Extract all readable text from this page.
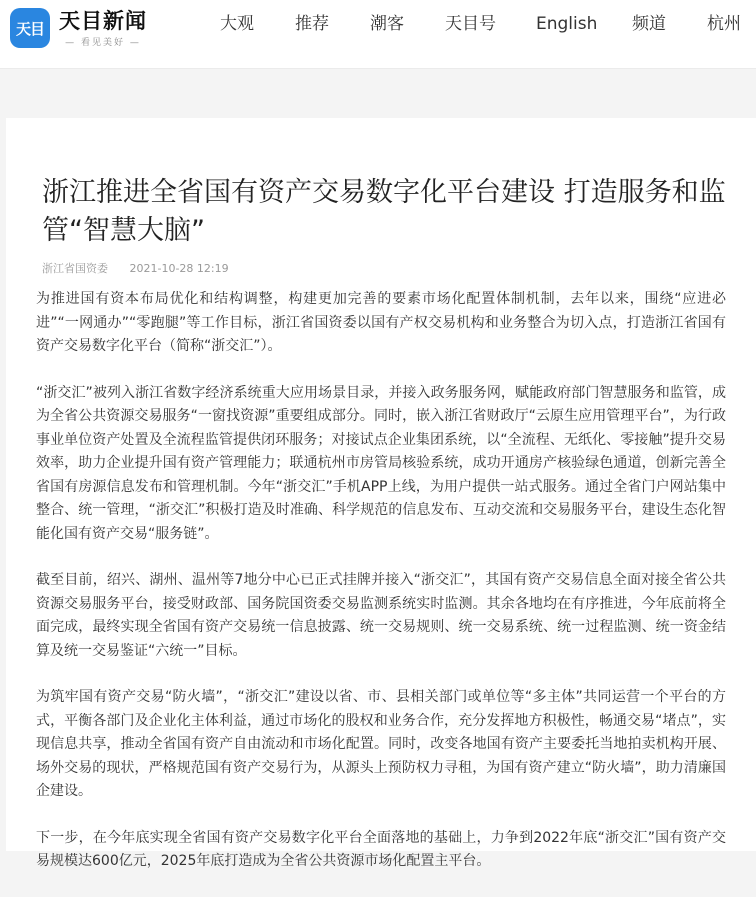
天目 天目新闻
— 看见美好 —
大观 推荐 潮客 天目号 English 频道 杭州
浙江推进全省国有资产交易数字化平台建设 打造服务和监管“智慧大脑”
浙江省国资委 2021-10-28 12:19

为推进国有资本布局优化和结构调整，构建更加完善的要素市场化配置体制机制，去年以来，围绕“应进必进”“一网通办”“零跑腿”等工作目标，浙江省国资委以国有产权交易机构和业务整合为切入点，打造浙江省国有资产交易数字化平台（简称“浙交汇”）。

“浙交汇”被列入浙江省数字经济系统重大应用场景目录，并接入政务服务网，赋能政府部门智慧服务和监管，成为全省公共资源交易服务“一窗找资源”重要组成部分。同时，嵌入浙江省财政厅“云原生应用管理平台”，为行政事业单位资产处置及全流程监管提供闭环服务；对接试点企业集团系统，以“全流程、无纸化、零接触”提升交易效率，助力企业提升国有资产管理能力；联通杭州市房管局核验系统，成功开通房产核验绿色通道，创新完善全省国有房源信息发布和管理机制。今年“浙交汇”手机APP上线，为用户提供一站式服务。通过全省门户网站集中整合、统一管理，“浙交汇”积极打造及时准确、科学规范的信息发布、互动交流和交易服务平台，建设生态化智能化国有资产交易“服务链”。

截至目前，绍兴、湖州、温州等7地分中心已正式挂牌并接入“浙交汇”，其国有资产交易信息全面对接全省公共资源交易服务平台，接受财政部、国务院国资委交易监测系统实时监测。其余各地均在有序推进，今年底前将全面完成，最终实现全省国有资产交易统一信息披露、统一交易规则、统一交易系统、统一过程监测、统一资金结算及统一交易鉴证“六统一”目标。

为筑牢国有资产交易“防火墙”，“浙交汇”建设以省、市、县相关部门或单位等“多主体”共同运营一个平台的方式，平衡各部门及企业化主体利益，通过市场化的股权和业务合作，充分发挥地方积极性，畅通交易“堵点”，实现信息共享，推动全省国有资产自由流动和市场化配置。同时，改变各地国有资产主要委托当地拍卖机构开展、场外交易的现状，严格规范国有资产交易行为，从源头上预防权力寻租，为国有资产建立“防火墙”，助力清廉国企建设。

下一步，在今年底实现全省国有资产交易数字化平台全面落地的基础上，力争到2022年底“浙交汇”国有资产交易规模达600亿元，2025年底打造成为全省公共资源市场化配置主平台。
